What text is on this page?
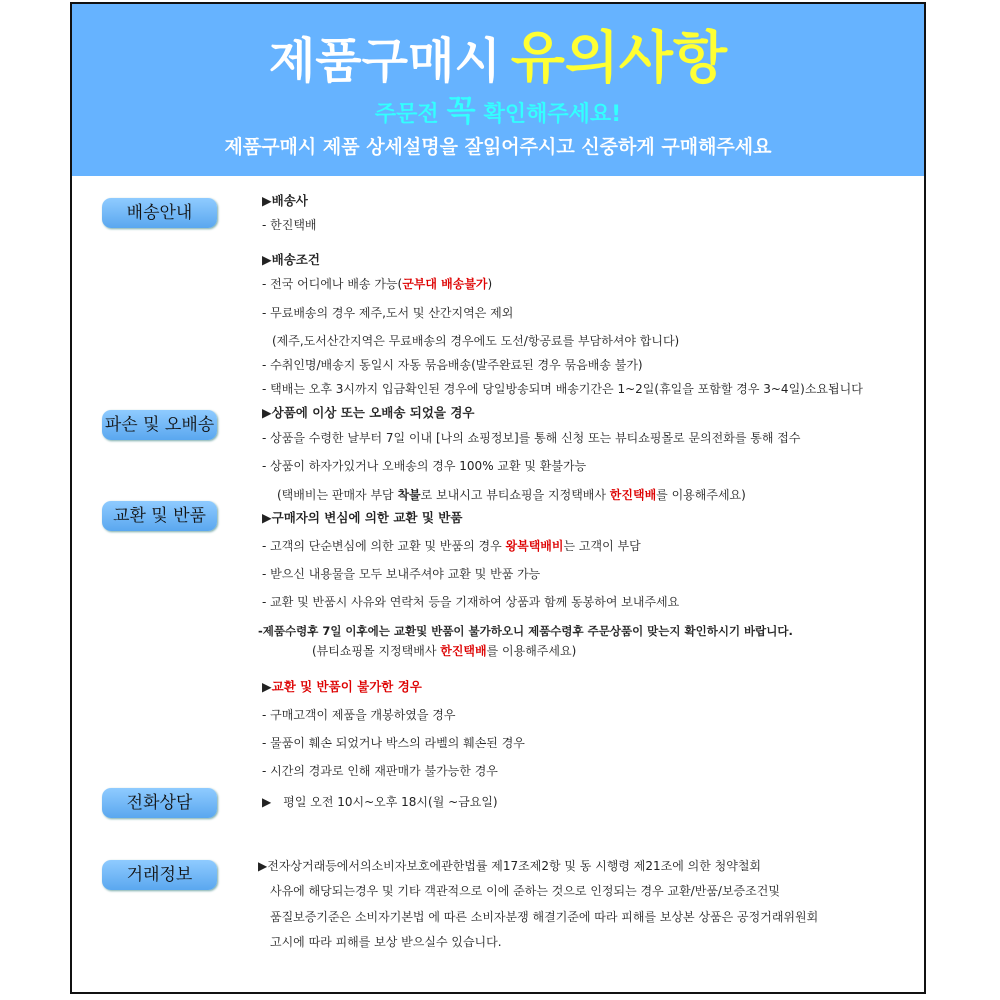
제품구매시 유의사항
주문전 꼭 확인해주세요!
제품구매시 제품 상세설명을 잘읽어주시고 신중하게 구매해주세요
배송안내
파손 및 오배송
교환 및 반품
전화상담
거래정보
▶배송사
- 한진택배
▶배송조건
- 전국 어디에나 배송 가능(군부대 배송불가)
- 무료배송의 경우 제주,도서 및 산간지역은 제외
(제주,도서산간지역은 무료배송의 경우에도 도선/항공료를 부담하셔야 합니다)
- 수취인명/배송지 동일시 자동 묶음배송(발주완료된 경우 묶음배송 불가)
- 택배는 오후 3시까지 입금확인된 경우에 당일방송되며 배송기간은 1~2일(휴일을 포함할 경우 3~4일)소요됩니다
▶상품에 이상 또는 오배송 되었을 경우
- 상품을 수령한 날부터 7일 이내 [나의 쇼핑정보]를 통해 신청 또는 뷰티쇼핑몰로 문의전화를 통해 접수
- 상품이 하자가있거나 오배송의 경우 100% 교환 및 환불가능
(택배비는 판매자 부담 착불로 보내시고 뷰티쇼핑을 지정택배사 한진택배를 이용해주세요)
▶구매자의 변심에 의한 교환 및 반품
- 고객의 단순변심에 의한 교환 및 반품의 경우 왕복택배비는 고객이 부담
- 받으신 내용물을 모두 보내주셔야 교환 및 반품 가능
- 교환 및 반품시 사유와 연락처 등을 기재하여 상품과 함께 동봉하여 보내주세요
-제품수령후 7일 이후에는 교환및 반품이 불가하오니 제품수령후 주문상품이 맞는지 확인하시기 바랍니다.
(뷰티쇼핑몰 지정택배사 한진택배를 이용해주세요)
▶교환 및 반품이 불가한 경우
- 구매고객이 제품을 개봉하였을 경우
- 물품이 훼손 되었거나 박스의 라벨의 훼손된 경우
- 시간의 경과로 인해 재판매가 불가능한 경우
▶ 평일 오전 10시~오후 18시(월 ~금요일)
▶전자상거래등에서의소비자보호에관한법률 제17조제2항 및 동 시행령 제21조에 의한 청약철회
사유에 해당되는경우 및 기타 객관적으로 이에 준하는 것으로 인정되는 경우 교환/반품/보증조건및
품질보증기준은 소비자기본법 에 따른 소비자분쟁 해결기준에 따라 피해를 보상본 상품은 공정거래위원회
고시에 따라 피해를 보상 받으실수 있습니다.
